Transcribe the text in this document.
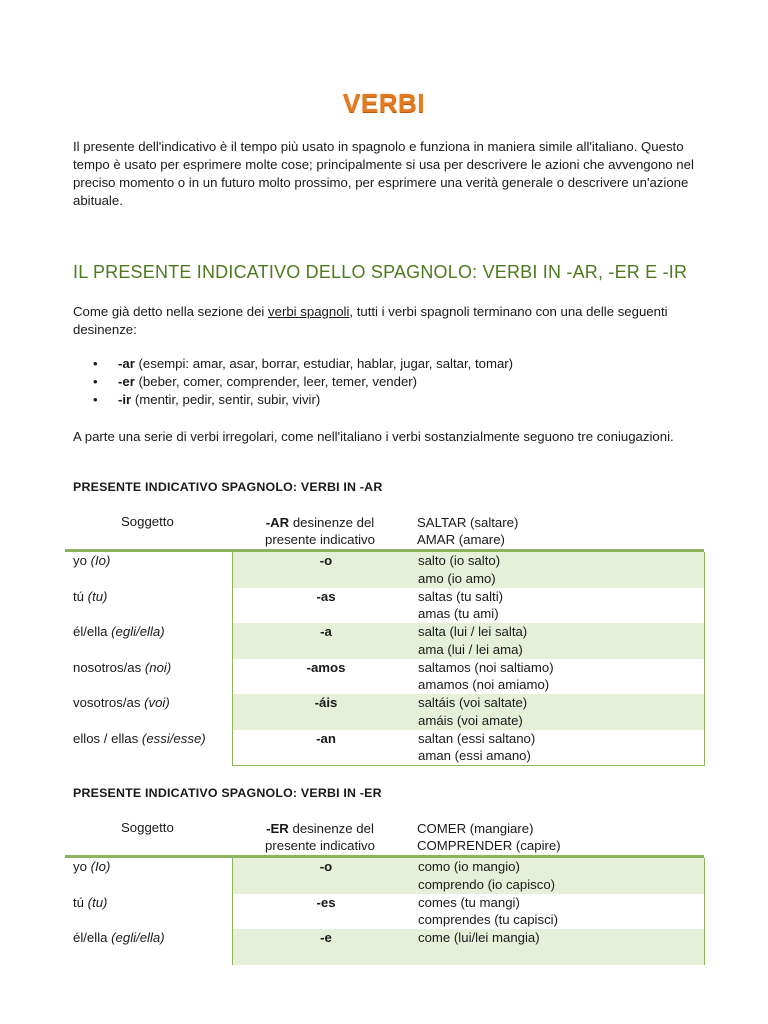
VERBI
Il presente dell'indicativo è il tempo più usato in spagnolo e funziona in maniera simile all'italiano. Questo tempo è usato per esprimere molte cose; principalmente si usa per descrivere le azioni che avvengono nel preciso momento o in un futuro molto prossimo, per esprimere una verità generale o descrivere un'azione abituale.
IL PRESENTE INDICATIVO DELLO SPAGNOLO: VERBI IN -AR, -ER E -IR
Come già detto nella sezione dei verbi spagnoli, tutti i verbi spagnoli terminano con una delle seguenti desinenze:
• -ar (esempi: amar, asar, borrar, estudiar, hablar, jugar, saltar, tomar)
• -er (beber, comer, comprender, leer, temer, vender)
• -ir (mentir, pedir, sentir, subir, vivir)
A parte una serie di verbi irregolari, come nell'italiano i verbi sostanzialmente seguono tre coniugazioni.
PRESENTE INDICATIVO SPAGNOLO: VERBI IN -AR
Soggetto	-AR desinenze del
presente indicativo
SALTAR (saltare)
AMAR (amare)
yo (Io)	-o	salto (io salto)
amo (io amo)
tú (tu)	-as	saltas (tu salti)
amas (tu ami)
él/ella (egli/ella)	-a	salta (lui / lei salta)
ama (lui / lei ama)
nosotros/as (noi)	-amos	saltamos (noi saltiamo)
amamos (noi amiamo)
vosotros/as (voi)	-áis	saltáis (voi saltate)
amáis (voi amate)
ellos / ellas (essi/esse)	-an	saltan (essi saltano)
aman (essi amano)
PRESENTE INDICATIVO SPAGNOLO: VERBI IN -ER
Soggetto	-ER desinenze del
presente indicativo
COMER (mangiare)
COMPRENDER (capire)
yo (Io)	-o	como (io mangio)
comprendo (io capisco)
tú (tu)	-es	comes (tu mangi)
comprendes (tu capisci)
él/ella (egli/ella)	-e	come (lui/lei mangia)
